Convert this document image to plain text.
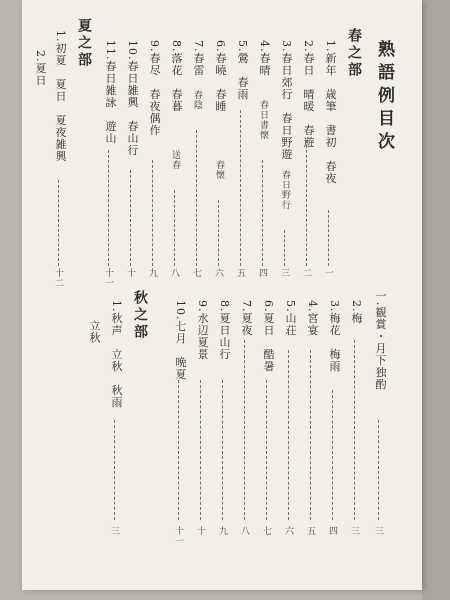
熟語例目次
春之部
1.新年　歳筆　書初　春夜
一
2.春日　晴暖　春遊
二
3.春日郊行　春日野遊
春日野行
三
4.春晴
春日書懐
四
5.鶯　春雨
五
6.春曉　春睡
春懐
六
7.春雷
春陰
七
8.落花　春暮
送春
八
9.春尽　春夜偶作
九
10.春日雑興　春山行
十
11.春日雑詠　遊山
十一
夏之部
1.初夏　夏日　夏夜雑興
十二
2.夏日
一.観賞・月下独酌
三
2.梅
三
3.梅花　梅雨
四
4.宮宴
五
5.山荘
六
6.夏日　酷暑
七
7.夏夜
八
8.夏日山行
九
9.水辺夏景
十
10.七月　晩夏
十一
秋之部
1.秋声　立秋　秋雨
三
立秋
